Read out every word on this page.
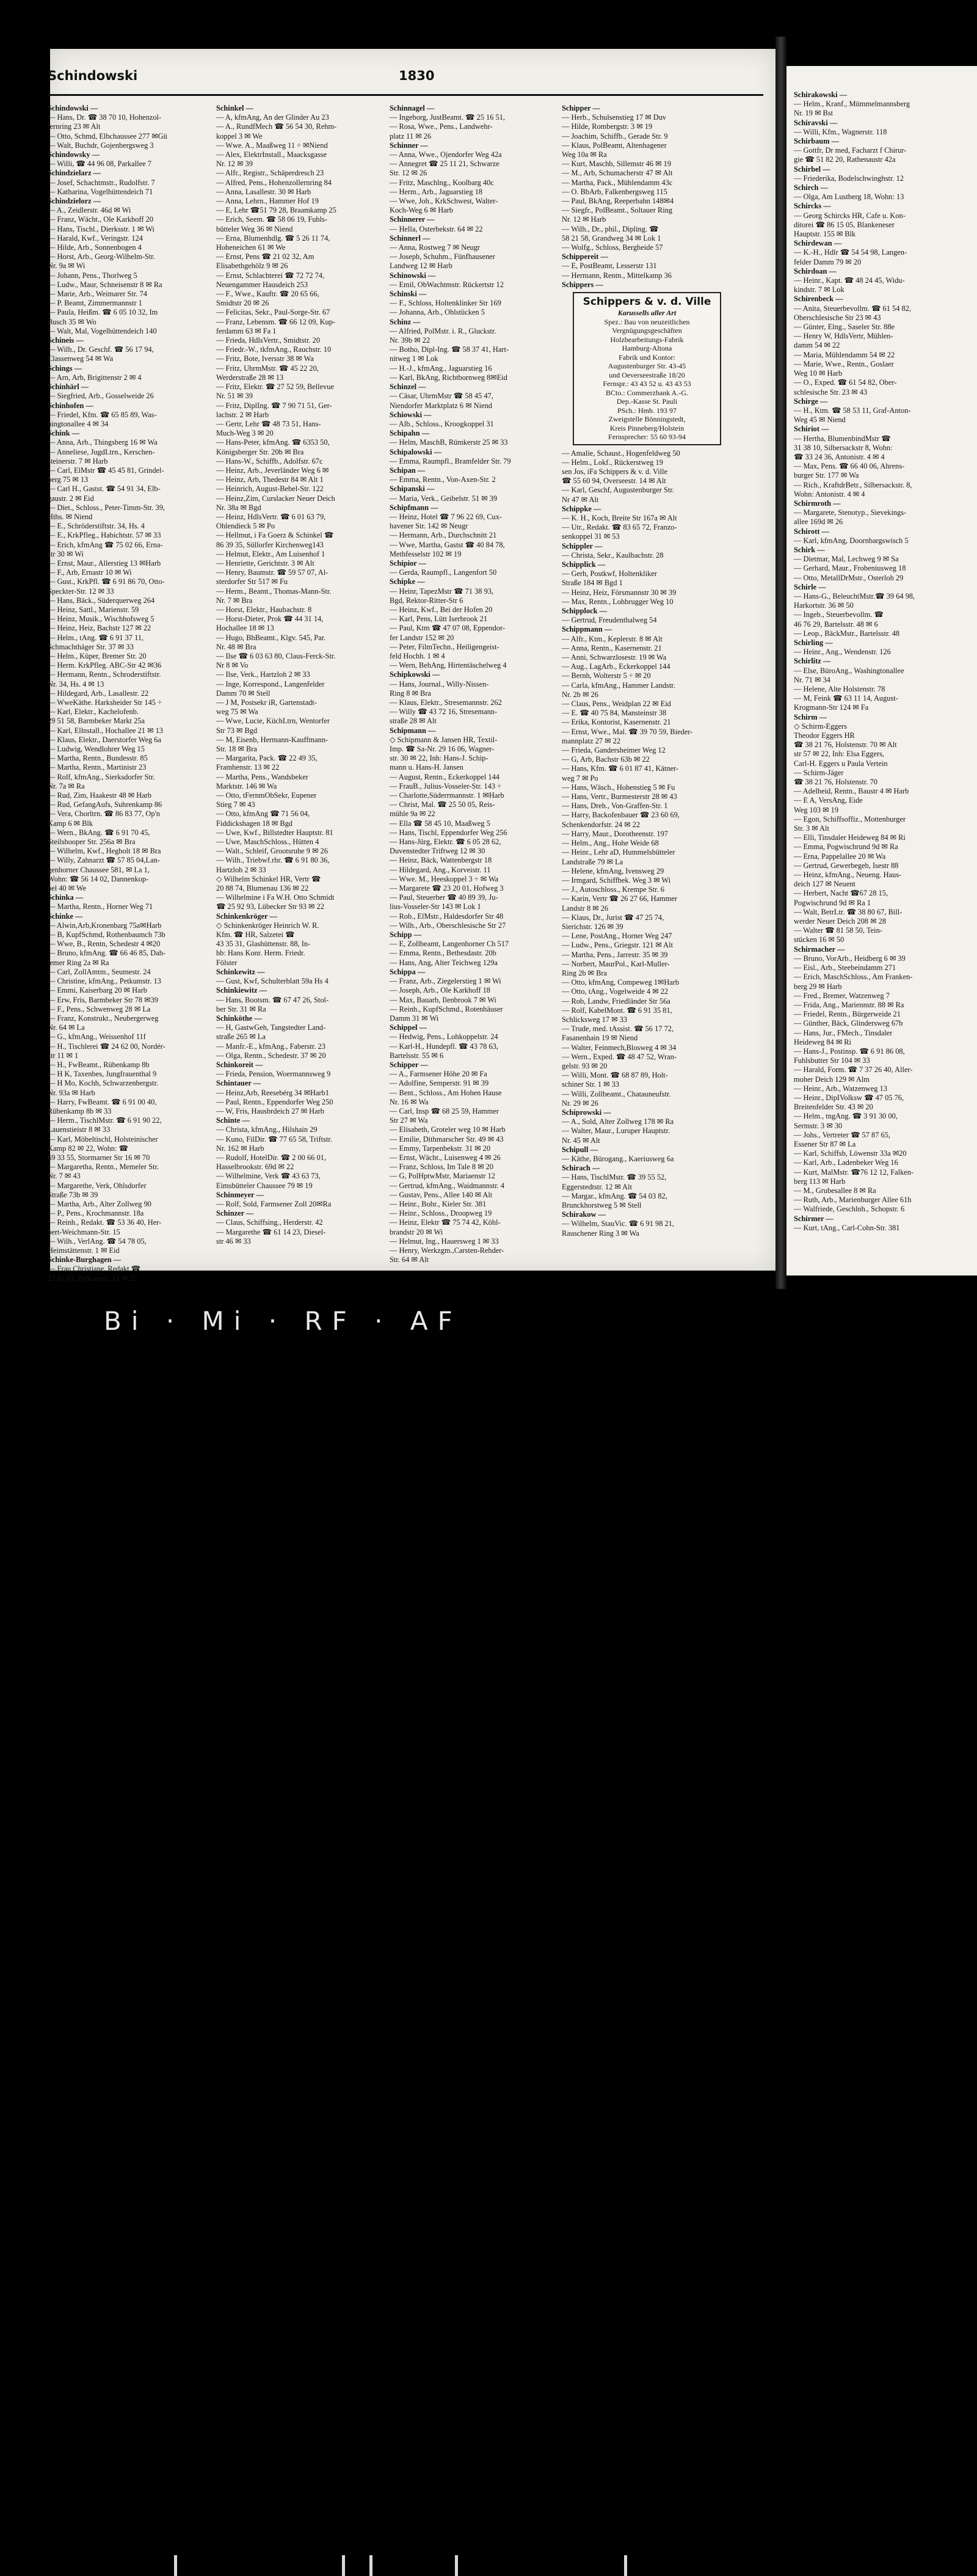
Schindowski	1830
Schindowski —
— Hans, Dr. ☎ 38 70 10, Hohenzol-
lernring 23 ✉ Alt
— Otto, Schmd, Elbchaussee 277 ✉Gü
— Walt, Buchdr, Gojenbergsweg 3
Schindowsky —
— Willi, ☎ 44 96 08, Parkallee 7
Schindzielarz —
— Josef, Schachtmstr., Rudolfstr. 7
— Katharina, Vogelhüttendeich 71
Schindzielorz —
— A., Zeidlerstr. 46d ✉ Wi
— Franz, Wächt., Ole Karkhoff 20
— Hans, Tischl., Dierksstr. 1 ✉ Wi
— Harald, Kwf., Veringstr. 124
— Hilde, Arb., Sonnenbogen 4
— Horst, Arb., Georg-Wilhelm-Str.
Nr. 9a ✉ Wi
— Johann, Pens., Thorlweg 5
— Ludw., Maur, Schneisenstr 8 ✉ Ra
— Marie, Arb., Weimarer Str. 74
— P. Beamt, Zimmermannstr 1
— Paula, Heißm. ☎ 6 05 10 32, Im
Busch 35 ✉ Wo
— Walt, Mal, Vogelhüttendeich 140
Schineis —
— Wilh., Dr. Geschf. ☎ 56 17 94,
Classenweg 54 ✉ Wa
Schings —
— Arn, Arb, Brigittenstr 2 ✉ 4
Schinhärl —
— Siegfried, Arb., Gosselweide 26
Schinhofen —
— Friedel, Kfm. ☎ 65 85 89, Was-
hingtonallee 4 ✉ 34
Schink —
— Anna, Arb., Thingsberg 16 ✉ Wa
— Anneliese, JugdLtrn., Kerschen-
steinerstr. 7 ✉ Harb
— Carl, ElMstr ☎ 45 45 81, Grindel-
berg 75 ✉ 13
— Carl H., Gastst. ☎ 54 91 34, Elb-
gaustr. 2 ✉ Eid
— Diet., Schloss., Peter-Timm-Str. 39,
Hths. ✉ Niend
— E., Schröderstiftstr. 34, Hs. 4
— E., KrkPfleg., Habichtstr. 57 ✉ 33
— Erich, kfmAng ☎ 75 02 66, Erna-
str 30 ✉ Wi
— Ernst, Maur., Allerstieg 13 ✉Harb
— F., Arb, Ernastr 10 ✉ Wi
— Gust., KrkPfl. ☎ 6 91 86 70, Otto-
Speckter-Str. 12 ✉ 33
— Hans, Bäck., Süderquerweg 264
— Heinz, Sattl., Marienstr. 59
— Heinz, Musik., Wischhofsweg 5
— Heinz, Heiz, Bachstr 127 ✉ 22
— Helm., tAng. ☎ 6 91 37 11,
Schmachthäger Str. 37 ✉ 33
— Helm., Küper, Bremer Str. 20
— Herm. KrkPfleg. ABC-Str 42 ✉36
— Hermann, Rentn., Schroderstiftstr.
Nr. 34, Hs. 4 ✉ 13
— Hildegard, Arb., Lasallestr. 22
— WweKäthe. Harksheider Str 145 ÷
— Karl, Elektr., Kachelofenb.
29 51 58, Barmbeker Markt 25a
— Karl, Ellnstall., Hochallee 21 ✉ 13
— Klaus, Elektr., Daerstorfer Weg 6a
— Ludwig, Wendlohrer Weg 15
— Martha, Rentn., Bundesstr. 85
— Martha, Rentn., Martinistr 23
— Rolf, kfmAng., Sierksdorfer Str.
Nr. 7a ✉ Ra
— Rud, Zim, Haakestr 48 ✉ Harb
— Rud, GefangAufs, Suhrenkamp 86
— Vera, Chorltrn. ☎ 86 83 77, Op'n
Kamp 6 ✉ Blk
— Wern., BkAng. ☎ 6 91 70 45,
Steilshooper Str. 256a ✉ Bra
— Wilhelm, Kwf., Hegholt 18 ✉ Bra
— Willy, Zahnarzt ☎ 57 85 04,Lan-
genhorner Chaussee 581, ✉ La 1,
Wohn: ☎ 56 14 02, Dannenkop-
pel 40 ✉ We
Schinka —
— Martha, Rentn., Horner Weg 71
Schinke —
— Alwin,Arb,Kronenbarg 75a✉Harb
— B, KupfSchmd, Rothenbaumch 73b
— Wwe, B., Rentn, Schedestr 4 ✉20
— Bruno, kfmAng. ☎ 66 46 85, Dah-
lemer Ring 2a ✉ Ra
— Carl, ZollAmtm., Seumestr. 24
— Christine, kfmAng., Petkumstr. 13
— Emmi, Kaiserbarg 20 ✉ Harb
— Erw, Fris, Barmbeker Str 78 ✉39
— F., Pens., Schwenweg 28 ✉ La
— Franz, Konstrukt., Neubergerweg
Nr. 64 ✉ La
— G., kfmAng., Weissenhof 11f
— H., Tischlerei ☎ 24 62 00, Nordér-
str 11 ✉ 1
— H., FwBeamt., Rübenkamp 8b
— H K, Taxenbes, Jungfrauenthal 9
— H Mo, Kochh, Schwarzenbergstr.
Nr. 93a ✉ Harb
— Harry, FwBeamt. ☎ 6 91 00 40,
Rübenkamp 8b ✉ 33
— Herm., TischlMstr. ☎ 6 91 90 22,
Lauenstieistr 8 ✉ 33
— Karl, Möbeltischl, Holsteinischer
Kamp 82 ✉ 22, Wohn: ☎
69 33 55, Stormarner Str 16 ✉ 70
— Margaretha, Rentn., Memeler Str.
Nr. 7 ✉ 43
— Margarethe, Verk, Ohlsdorfer
Straße 73b ✉ 39
— Martha, Arb., Alter Zollweg 90
— P., Pens., Krochmannstr. 18a
— Reinh., Redakt. ☎ 53 36 40, Her-
bert-Weichmann-Str. 15
— Wilh., VerlAng. ☎ 54 78 05,
Heimstättenstr. 1 ✉ Eid
Schinke-Burghagen —
— Frau Christiane, Redakt ☎
23 85 03, Petkumstr. 13 ✉ 22
Schinkel —
— A, kfmAng, An der Glinder Au 23
— A., RundfMech ☎ 56 54 30, Rehm-
koppel 3 ✉ We
— Wwe. A., Maaßweg 11 ÷ ✉Niend
— Alex, ElektrInstall., Maacksgasse
Nr. 12 ✉ 39
— Alfr., Registr., Schäperdresch 23
— Alfred, Pens., Hohenzollernring 84
— Anna, Lasallestr. 30 ✉ Harb
— Anna, Lehrn., Hammer Hof 19
— E, Lehr ☎51 79 28, Braamkamp 25
— Erich, Seem. ☎ 58 06 19, Fuhls-
bütteler Weg 36 ✉ Niend
— Erna, Blumenhdlg. ☎ 5 26 11 74,
Hoheneichen 61 ✉ We
— Ernst, Pens ☎ 21 02 32, Am
Elisabethgehölz 9 ✉ 26
— Ernst, Schlachterei ☎ 72 72 74,
Neuengammer Hausdeich 253
— F., Wwe., Kauftr. ☎ 20 65 66,
Smidtstr 20 ✉ 26
— Felicitas, Sekr., Paul-Sorge-Str. 67
— Franz, Lebensm. ☎ 66 12 09, Kup-
ferdamm 63 ✉ Fa 1
— Frieda, HdlsVertr., Smidtstr. 20
— Friedr.-W., tkfmAng., Rauchstr. 10
— Fritz, Bote, Iversstr 38 ✉ Wa
— Fritz, UhrmMstr. ☎ 45 22 20,
Werderstraße 28 ✉ 13
— Fritz, Elektr. ☎ 27 52 59, Bellevue
Nr. 51 ✉ 39
— Fritz, DiplIng. ☎ 7 90 71 51, Ger-
lachstr. 2 ✉ Harb
— Gertr, Lehr ☎ 48 73 51, Hans-
Much-Weg 3 ✉ 20
— Hans-Peter, kfmAng. ☎ 6353 50,
Königsberger Str. 20b ✉ Bra
— Hans-W., Schiffb., Adolfstr. 67c
— Heinz, Arb., Jeverländer Weg 6 ✉
— Heinz, Arb, Thedestr 84 ✉ Alt 1
— Heinrich, August-Bebel-Str. 122
— Heinz,Zim, Curslacker Neuer Deich
Nr. 38a ✉ Bgd
— Heinz, HdlsVertr. ☎ 6 01 63 79,
Ohlendieck 5 ✉ Po
— Hellmut, i Fa Goerz & Schinkel ☎
86 39 35, Süllorfer Kirchenweg143
— Helmut, Elektr., Am Luisenhof 1
— Henriette, Gerichtstr. 3 ✉ Alt
— Henry, Baumstr. ☎ 59 57 07, Al-
sterdorfer Str 517 ✉ Fu
— Herm., Beamt., Thomas-Mann-Str.
Nr. 7 ✉ Bra
— Horst, Elektr., Haubachstr. 8
— Horst-Dieter, Prok ☎ 44 31 14,
Hochallee 18 ✉ 13
— Hugo, BhBeamt., Klgv. 545, Par.
Nr. 48 ✉ Bra
— Ilse ☎ 6 03 63 80, Claus-Ferck-Str.
Nr 8 ✉ Vo
— Ilse, Verk., Hartzloh 2 ✉ 33
— Inge, Korrespond., Langenfelder
Damm 70 ✉ Stell
— J M, Postsekr iR, Gartenstadt-
weg 75 ✉ Wa
— Wwe, Lucie, KüchLtrn, Wentorfer
Str 73 ✉ Bgd
— M, Eisenb, Hermann-Kauffmann-
Str. 18 ✉ Bra
— Margarita, Pack. ☎ 22 49 35,
Framhenstr. 13 ✉ 22
— Martha, Pens., Wandsbeker
Marktstr. 146 ✉ Wa
— Otto, tFernmObSekr, Eupener
Stieg 7 ✉ 43
— Otto, kfmAng ☎ 71 56 04,
Fiddickshagen 18 ✉ Bgd
— Uwe, Kwf., Billstedter Hauptstr. 81
— Uwe, MaschSchloss., Hütten 4
— Walt., Schleif, Grootsruhe 9 ✉ 26
— Wilh., Triebwf.rhr. ☎ 6 91 80 36,
Hartzloh 2 ✉ 33
◇ Wilhelm Schinkel HR, Vertr ☎
20 88 74, Blumenau 136 ✉ 22
— Wilhelmine i Fa W.H. Otto Schmidt
☎ 25 92 93, Lübecker Str 93 ✉ 22
Schinkenkröger —
◇ Schinkenkröger Heinrich W. R.
Kfm. ☎ HR, Salzetei ☎
43 35 31, Glashüttenstr. 88, In-
hb: Hans Konr. Herm. Friedr.
Fölster
Schinkewitz —
— Gust, Kwf, Schulterblatt 59a Hs 4
Schinkiewitz —
— Hans, Bootsm. ☎ 67 47 26, Stol-
ber Str. 31 ✉ Ra
Schinköthe —
— H, GastwGeh, Tangstedter Land-
straße 265 ✉ La
— Manfr.-E., kfmAng., Faberstr. 23
— Olga, Rentn., Schedestr. 37 ✉ 20
Schinkoreit —
— Frieda, Pension, Woermannsweg 9
Schintauer —
— Heinz,Arb, Reesebérg 34 ✉Harb1
— Paul, Rentn., Eppendorfer Weg 250
— W, Fris, Hausbrdeich 27 ✉ Harb
Schinte —
— Christa, kfmAng., Hilshain 29
— Kuno, FilDir. ☎ 77 65 58, Triftstr.
Nr. 162 ✉ Harb
— Rudolf, HotelDir. ☎ 2 00 66 01,
Hasselbrookstr. 69d ✉ 22
— Wilhelmine, Verk ☎ 43 63 73,
Eimsbütteler Chaussee 79 ✉ 19
Schinmeyer —
— Rolf, Sold, Farmsener Zoll 20✉Ra
Schinzer —
— Claus, Schiffsing., Herderstr. 42
— Margarethe ☎ 61 14 23, Diesel-
str 46 ✉ 33
Schinnagel —
— Ingeborg, JustBeamt. ☎ 25 16 51,
— Rosa, Wwe., Pens., Landwehr-
platz 11 ✉ 26
Schinner —
— Anna, Wwe., Ojendorfer Weg 42a
— Annegret ☎ 25 11 21, Schwarze
Str. 12 ✉ 26
— Fritz, Maschlng., Koolbarg 40c
— Herm., Arb., Jaguarstieg 18
— Wwe, Joh., KrkSchwest, Walter-
Koch-Weg 6 ✉ Harb
Schinnerer —
— Hella, Osterbekstr. 64 ✉ 22
Schinnerl —
— Anna, Rostweg 7 ✉ Neugr
— Joseph, Schuhm., Fünfhausener
Landweg 12 ✉ Harb
Schinowski —
— Emil, ObWachtmstr. Rückertstr 12
Schinski —
— F., Schloss, Holtenklinker Str 169
— Johanna, Arb., Ohlstücken 5
Schinz —
— Alfried, PolMstr. i. R., Gluckstr.
Nr. 39b ✉ 22
— Botho, Dipl-Ing. ☎ 58 37 41, Hart-
nitweg 1 ✉ Lok
— H.-J., kfmAng., Jaguarstieg 16
— Karl, BkAng, Richtbornweg 8✉Eid
Schinzel —
— Cäsar, UhrmMstr ☎ 58 45 47,
Niendorfer Marktplatz 6 ✉ Niend
Schiowski —
— Alb., Schloss., Kroogkoppel 31
Schipahn —
— Helm, MaschB, Rümkerstr 25 ✉ 33
Schipalowski —
— Emma, Raumpfl., Bramfelder Str. 79
Schipan —
— Emma, Rentn., Von-Axen-Str. 2
Schipanski —
— Maria, Verk., Geibelstr. 51 ✉ 39
Schipfmann —
— Heinz, Hotel ☎ 7 96 22 69, Cux-
havener Str. 142 ✉ Neugr
— Hermann, Arb., Durchschnitt 21
— Wwe, Martha, Gastst ☎ 40 84 78,
Methfesselstr 102 ✉ 19
Schipior —
— Gerda, Raumpfl., Langenfort 50
Schipke —
— Heinr, TapezMstr ☎ 71 38 93,
Bgd, Rektor-Ritter-Str 6
— Heinz, Kwf., Bei der Hofen 20
— Karl, Pens, Lütt Iserbrook 21
— Paul, Ktm ☎ 47 07 08, Eppendor-
fer Landstr 152 ✉ 20
— Peter, FilmTechn., Heiligengeist-
feld Hochh. 1 ✉ 4
— Wern, BehAng, Hirtentäschelweg 4
Schipkowski —
— Hans, Journal., Willy-Nissen-
Ring 8 ✉ Bra
— Klaus, Elektr., Stresemannstr. 262
— Willy ☎ 43 72 16, Stresemann-
straße 28 ✉ Alt
Schipmann —
◇ Schipmann & Jansen HR, Textil-
Imp. ☎ Sa-Nr. 29 16 06, Wagner-
str. 30 ✉ 22, Inh: Hans-J. Schip-
mann u. Hans-H. Jansen
— August, Rentn., Eckerkoppel 144
— FrauB., Julius-Vosseler-Str. 143 ÷
— Charlotte,Süderrmannstr. 1 ✉Harb
— Christ, Mal. ☎ 25 50 05, Reis-
mühle 9a ✉ 22
— Ella ☎ 58 45 10, Maaßweg 5
— Hans, Tischl, Eppendorfer Weg 256
— Hans-Jürg, Elektr. ☎ 6 05 28 62,
Duvenstedter Triftweg 12 ✉ 30
— Heinz, Bäck, Wattenbergstr 18
— Hildegard, Ang., Korveistr. 11
— Wwe. M., Heeskoppel 3 ÷ ✉ Wa
— Margarete ☎ 23 20 01, Hofweg 3
— Paul, Steuerber ☎ 40 89 39, Ju-
lius-Vosseler-Str 143 ✉ Lok 1
— Rob., ElMstr., Haldesdorfer Str 48
— Wilh., Arb., Oberschlesische Str 27
Schipp —
— E, Zollbeamt, Langenhorner Ch 517
— Emma, Rentn., Bethesdastr. 20b
— Hans, Ang, Alter Teichweg 129a
Schippa —
— Franz, Arb., Ziegelerstieg 1 ✉ Wi
— Joseph, Arb., Ole Karkhoff 18
— Max, Bauarb, Ilenbrook 7 ✉ Wi
— Reinh., KupfSchmd., Rotenhäuser
Damm 31 ✉ Wi
Schippel —
— Hedwig, Pens., Lohkoppelstr. 24
— Karl-H., Hundepfl. ☎ 43 78 63,
Bartelsstr. 55 ✉ 6
Schipper —
— A., Farmsener Höhe 20 ✉ Fa
— Adolfine, Semperstr. 91 ✉ 39
— Bent., Schloss., Am Hohen Hause
Nr. 16 ✉ Wa
— Carl, Insp ☎ 68 25 59, Hammer
Str 27 ✉ Wa
— Elisabeth, Groteler weg 10 ✉ Harb
— Emilie, Dithmarscher Str. 49 ✉ 43
— Emmy, Tarpenbekstr. 31 ✉ 20
— Ernst, Wächt., Luisenweg 4 ✉ 26
— Franz, Schloss, Im Tale 8 ✉ 20
— G, PolHptwMstr, Mariaenstr 12
— Gertrud, kfmAng., Waidmannstr. 4
— Gustav, Pens., Allee 140 ✉ Alt
— Heinr., Bohr., Kieler Str. 381
— Heinr., Schloss., Droopweg 19
— Heinz, Elektr ☎ 75 74 42, Köhl-
brandstr 20 ✉ Wi
— Helmut, Ing., Hauersweg 1 ✉ 33
— Henry, Werkzgm.,Carsten-Rehder-
Str. 64 ✉ Alt
Schipper —
— Herb., Schulsenstieg 17 ✉ Duv
— Hilde, Rombergstr. 3 ✉ 19
— Joachim, Schiffb., Gerade Str. 9
— Klaus, PolBeamt, Altenhagener
Weg 10a ✉ Ra
— Kurt, Maschb, Sillemstr 46 ✉ 19
— M., Arb, Schumacherstr 47 ✉ Alt
— Martha, Pack., Mühlendamm 43c
— O. BbArb, Falkenbergsweg 115
— Paul, BkAng, Reeperbahn 148✉4
— Siegfr., PolBeamt., Soltauer Ring
Nr. 12 ✉ Harb
— Wilh., Dr., phil., Dipling. ☎
58 21 58, Grandweg 34 ✉ Lok 1
— Wolfg., Schloss, Bergheide 57
Schippereit —
— E, PostBeamt, Lesserstr 131
— Hermann, Rentn., Mittelkamp 36
Schippers —
Schippers & v. d. Ville
Karussells aller Art
Spez.: Bau von neuzeitlichen
Vergnügungsgeschäften
Holzbearbeitungs-Fabrik
Hamburg-Altona
Fabrik und Kontor:
Augustenburger Str. 43-45
und Oeverseestraße 18/20
Fernspr.: 43 43 52 u. 43 43 53
BCto.: Commerzbank A.-G.
Dep.-Kasse St. Pauli
PSch.: Hmb. 193 97
Zweigstelle Bönningstedt,
Kreis Pinneberg/Holstein
Fernsprecher: 55 60 93-94
— Amalie, Schaust., Hogenfeldweg 50
— Helm., Lokf., Rückerstweg 19
sen Jos, iFa Schippers & v. d. Ville
☎ 55 60 94, Overseestr. 14 ✉ Alt
— Karl, Geschf, Augustenburger Str.
Nr 47 ✉ Alt
Schippke —
— K. H., Koch, Breite Str 167a ✉ Alt
— Utr., Redakt. ☎ 83 65 72, Franzo-
senkoppel 31 ✉ 53
Schippler —
— Christa, Sekr., Kaulbachstr. 28
Schipplick —
— Gerh, Postkwf, Holtenkliker
Straße 184 ✉ Bgd 1
— Heinz, Heiz, Försmannstr 30 ✉ 39
— Max, Rentn., Lohbrugger Weg 10
Schipplock —
— Gertrud, Freudenthalweg 54
Schippmann —
— Alfr., Ktm., Keplerstr. 8 ✉ Alt
— Anna, Rentn., Kasernenstr. 21
— Anni, Schwarzlosestr. 19 ✉ Wa
— Aug., LagArb., Eckerkoppel 144
— Bernh, Wolterstr 5 ÷ ✉ 20
— Carla, kfmAng., Hammer Landstr.
Nr. 2b ✉ 26
— Claus, Pens., Weidplan 22 ✉ Eid
— E. ☎ 40 75 84, Mansteinstr 38
— Erika, Kontorist, Kasernenstr. 21
— Ernst, Wwe., Mal. ☎ 39 70 59, Bieder-
mannplatz 27 ✉ 22
— Frieda, Gandersheimer Weg 12
— G, Arb, Bachstr 63b ✉ 22
— Hans, Kfm. ☎ 6 01 87 41, Kätner-
weg 7 ✉ Po
— Hans, Wäsch., Hohenstieg 5 ✉ Fu
— Hans, Vertr., Burmesterstr 28 ✉ 43
— Hans, Dreh., Von-Graffen-Str. 1
— Harry, Backofenbauer ☎ 23 60 69,
Schenkendorfstr. 24 ✉ 22
— Harry, Maur., Dorotheenstr. 197
— Helm., Ang., Hohe Weide 68
— Heinr., Lehr aD, Hummelsbütteler
Landstraße 79 ✉ La
— Helene, kfmAng, Ivensweg 29
— Irmgard, Schiffbek. Weg 3 ✉ Wi
— J., Autoschloss., Krempe Str. 6
— Karin, Vertr ☎ 26 27 66, Hammer
Landstr 8 ✉ 26
— Klaus, Dr., Jurist ☎ 47 25 74,
Sierichstr. 126 ✉ 39
— Lene, PostAng., Horner Weg 247
— Ludw., Pens., Griegstr. 121 ✉ Alt
— Martha, Pens., Jarrestr. 35 ✉ 39
— Norbert, MaurPol., Karl-Muller-
Ring 2b ✉ Bra
— Otto, kfmAng, Compeweg 1✉Harb
— Otto, tAng., Vogelweide 4 ✉ 22
— Rob, Landw, Friedländer Str 56a
— Rolf, KabelMont. ☎ 6 91 35 81,
Schlicksweg 17 ✉ 33
— Trude, med. tAssist. ☎ 56 17 72,
Fasanenhain 19 ✉ Niend
— Walter, Feinmech,Blosweg 4 ✉ 34
— Wern., Exped. ☎ 48 47 52, Wran-
gelstr. 93 ✉ 20
— Willi, Mont. ☎ 68 87 89, Holt-
schiner Str. 1 ✉ 33
— Willi, Zollbeamt., Chatauneufstr.
Nr. 29 ✉ 26
Schiprowski —
— A., Sold, Alter Zollweg 178 ✉ Ra
— Walter, Maur., Luruper Hauptstr.
Nr. 45 ✉ Alt
Schipull —
— Käthe, Bürogang., Kaeriusweg 6a
Schirach —
— Hans, TischlMstr. ☎ 39 55 52,
Eggerstedtstr. 12 ✉ Alt
— Margar., kfmAng. ☎ 54 03 82,
Brunckhorstweg 5 ✉ Stell
Schirakow —
— Wilhelm, StauVic. ☎ 6 91 98 21,
Rauschener Ring 3 ✉ Wa
Schirakowski —
— Helm., Kranf., Mümmelmannsberg
Nr. 19 ✉ Bst
Schiravski —
— Willi, Kfm., Wagnerstr. 118
Schirbaum —
— Gottfr, Dr med, Facharzt f Chirur-
gie ☎ 51 82 20, Rathenaustr 42a
Schirbel —
— Friederika, Bodelschwinghstr. 12
Schirch —
— Olga, Am Lustberg 18, Wohn: 13
Schircks —
— Georg Schircks HR, Cafe u. Kon-
ditorei ☎ 86 15 05, Blankeneser
Hauptstr. 155 ✉ Blk
Schirdewan —
— K.-H., Hdlr ☎ 54 54 98, Langen-
felder Damm 79 ✉ 20
Schirdoan —
— Heinr., Kapt. ☎ 48 24 45, Widu-
kindstr. 7 ✉ Lok
Schirenbeck —
— Anita, Steuerbevollm. ☎ 61 54 82,
Oberschlesische Str 23 ✉ 43
— Günter, Elng., Saseler Str. 88e
— Henry W, HdlsVertr, Mühlen-
damm 54 ✉ 22
— Maria, Mühlendamm 54 ✉ 22
— Marie, Wwe., Rentn., Goslaer
Weg 10 ✉ Harb
— O., Exped. ☎ 61 54 82, Ober-
schlesische Str. 23 ✉ 43
Schirge —
— H., Ktm. ☎ 58 53 11, Graf-Anton-
Weg 45 ✉ Niend
Schiriot —
— Hertha, BlumenbindMstr ☎
31 38 10, Silbersackstr 8, Wohn:
☎ 33 24 36, Antonistr. 4 ✉ 4
— Max, Pens. ☎ 66 40 06, Ahrens-
burger Str. 177 ✉ Wa
— Rich., KraftdrBetr., Silbersackstr. 8,
Wohn: Antonistr. 4 ✉ 4
Schirmroth —
— Margarete, Stenotyp., Sievekings-
allee 169d ✉ 26
Schirott —
— Karl, kfmAng, Doornbargswisch 5
Schirk —
— Dietmar, Mal, Lechweg 9 ✉ Sa
— Gerhard, Maur., Frobeniusweg 18
— Otto, MetallDrMstr., Osterloh 29
Schirle —
— Hans-G., BeleuchtMstr.☎ 39 64 98,
Harkortstr. 36 ✉ 50
— Ingeb., Steuerbevollm. ☎
46 76 29, Bartelsstr. 48 ✉ 6
— Leop., BäckMstr., Bartelsstr. 48
Schirling —
— Heinr., Ang., Wendenstr. 126
Schirlitz —
— Else, BüroAng., Washingtonallee
Nr. 71 ✉ 34
— Helene, Alte Holstenstr. 78
— M, Feink ☎ 63 11 14, August-
Krogmann-Str 124 ✉ Fa
Schirm —
◇ Schirm-Eggers
Theodor Eggers HR
☎ 38 21 76, Holstenstr. 70 ✉ Alt
str 57 ✉ 22, Inh: Elsa Eggers,
Carl-H. Eggers u Paula Vertein
— Schirm-Jäger
☎ 38 21 76, Holstenstr. 70
— Adelheid, Rentn., Baustr 4 ✉ Harb
— E A, VersAng, Eide
Weg 103 ✉ 19
— Egon, Schiffsoffiz., Mottenburger
Str. 3 ✉ Alt
— Elli, Tinsdaler Heideweg 84 ✉ Ri
— Emma, Pogwischrund 9d ✉ Ra
— Erna, Pappelallee 20 ✉ Wa
— Gertrud, Gewerbegeb, Isestr 88
— Heinz, kfmAng., Neueng. Haus-
deich 127 ✉ Neuent
— Herbert, Nacht ☎67 28 15,
Pogwischrund 9d ✉ Ra 1
— Walt, BetrLtr. ☎ 38 80 67, Bill-
werder Neuer Deich 208 ✉ 28
— Walter ☎ 81 58 50, Tein-
stücken 16 ✉ 50
Schirmacher —
— Bruno, VorArb., Heidberg 6 ✉ 39
— Eisl., Arb., Steebeindamm 271
— Erich, MaschSchloss., Am Franken-
berg 29 ✉ Harb
— Fred., Bremer, Watzenweg 7
— Frida, Ang., Mariennstr. 88 ✉ Ra
— Friedel, Rentn., Bürgerweide 21
— Günther, Bäck, Glindersweg 67b
— Hans, Jur., FMech., Tinsdaler
Heideweg 84 ✉ Ri
— Hans-J., Postinsp. ☎ 6 91 86 08,
Fuhlsbutter Str 104 ✉ 33
— Harald, Form. ☎ 7 37 26 40, Aller-
moher Deich 129 ✉ Alm
— Heinr., Arb., Watzenweg 13
— Heinr., DipIVolksw ☎ 47 05 76,
Breitenfelder Str. 43 ✉ 20
— Helm., tngAng. ☎ 3 91 30 00,
Sermstr. 3 ✉ 30
— Johs., Vertreter ☎ 57 87 65,
Essener Str 87 ✉ La
— Karl, Schiffsb, Löwenstr 33a ✉20
— Karl, Arb., Ladenbeker Weg 16
— Kurt, MalMstr. ☎76 12 12, Falken-
berg 113 ✉ Harb
— M., Grubesallee 8 ✉ Ra
— Ruth, Arb., Marienburger Allee 61h
— Walfriede, Geschlnh., Schopstr. 6
Schirmer —
— Kurt, tAng., Carl-Cohn-Str. 381
Bi · Mi · RF · AF
